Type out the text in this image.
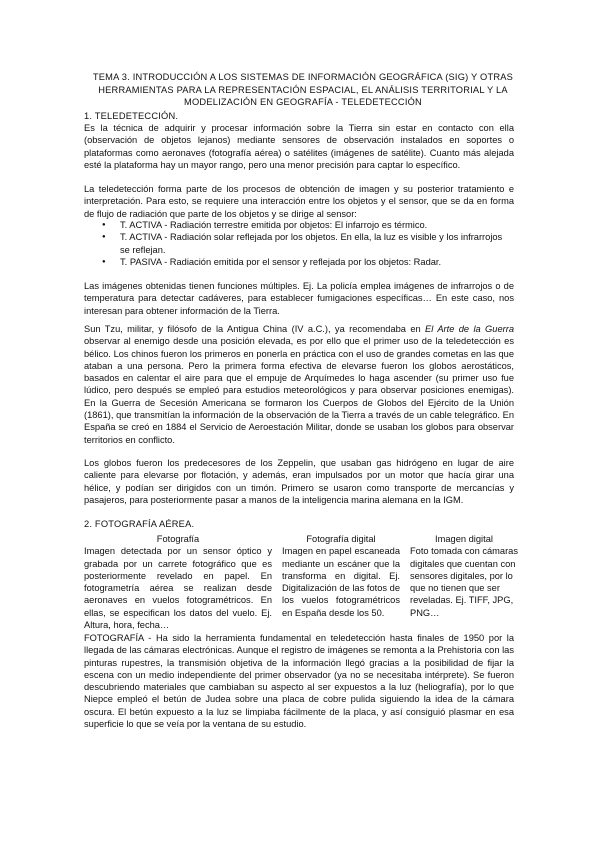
TEMA 3. INTRODUCCIÓN A LOS SISTEMAS DE INFORMACIÓN GEOGRÁFICA (SIG) Y OTRAS HERRAMIENTAS PARA LA REPRESENTACIÓN ESPACIAL, EL ANÁLISIS TERRITORIAL Y LA MODELIZACIÓN EN GEOGRAFÍA - TELEDETECCIÓN
1. TELEDETECCIÓN.
Es la técnica de adquirir y procesar información sobre la Tierra sin estar en contacto con ella (observación de objetos lejanos) mediante sensores de observación instalados en soportes o plataformas como aeronaves (fotografía aérea) o satélites (imágenes de satélite). Cuanto más alejada esté la plataforma hay un mayor rango, pero una menor precisión para captar lo específico.
La teledetección forma parte de los procesos de obtención de imagen y su posterior tratamiento e interpretación. Para esto, se requiere una interacción entre los objetos y el sensor, que se da en forma de flujo de radiación que parte de los objetos y se dirige al sensor:
● T. ACTIVA - Radiación terrestre emitida por objetos: El infarrojo es térmico.
● T. ACTIVA - Radiación solar reflejada por los objetos. En ella, la luz es visible y los infrarrojos se reflejan.
● T. PASIVA - Radiación emitida por el sensor y reflejada por los objetos: Radar.
Las imágenes obtenidas tienen funciones múltiples. Ej. La policía emplea imágenes de infrarrojos o de temperatura para detectar cadáveres, para establecer fumigaciones específicas… En este caso, nos interesan para obtener información de la Tierra.
Sun Tzu, militar, y filósofo de la Antigua China (IV a.C.), ya recomendaba en El Arte de la Guerra observar al enemigo desde una posición elevada, es por ello que el primer uso de la teledetección es bélico. Los chinos fueron los primeros en ponerla en práctica con el uso de grandes cometas en las que ataban a una persona. Pero la primera forma efectiva de elevarse fueron los globos aerostáticos, basados en calentar el aire para que el empuje de Arquímedes lo haga ascender (su primer uso fue lúdico, pero después se empleó para estudios meteorológicos y para observar posiciones enemigas). En la Guerra de Secesión Americana se formaron los Cuerpos de Globos del Ejército de la Unión (1861), que transmitían la información de la observación de la Tierra a través de un cable telegráfico. En España se creó en 1884 el Servicio de Aeroestación Militar, donde se usaban los globos para observar territorios en conflicto.
Los globos fueron los predecesores de los Zeppelin, que usaban gas hidrógeno en lugar de aire caliente para elevarse por flotación, y además, eran impulsados por un motor que hacía girar una hélice, y podían ser dirigidos con un timón. Primero se usaron como transporte de mercancías y pasajeros, para posteriormente pasar a manos de la inteligencia marina alemana en la IGM.
2. FOTOGRAFÍA AÉREA.
Fotografía
Imagen detectada por un sensor óptico y grabada por un carrete fotográfico que es posteriormente revelado en papel. En fotogrametría aérea se realizan desde aeronaves en vuelos fotogramétricos. En ellas, se especifican los datos del vuelo. Ej. Altura, hora, fecha…
Fotografía digital
Imagen en papel escaneada mediante un escáner que la transforma en digital. Ej. Digitalización de las fotos de los vuelos fotogramétricos en España desde los 50.
Imagen digital
Foto tomada con cámaras digitales que cuentan con sensores digitales, por lo que no tienen que ser reveladas. Ej. TIFF, JPG, PNG…
FOTOGRAFÍA - Ha sido la herramienta fundamental en teledetección hasta finales de 1950 por la llegada de las cámaras electrónicas. Aunque el registro de imágenes se remonta a la Prehistoria con las pinturas rupestres, la transmisión objetiva de la información llegó gracias a la posibilidad de fijar la escena con un medio independiente del primer observador (ya no se necesitaba intérprete). Se fueron descubriendo materiales que cambiaban su aspecto al ser expuestos a la luz (heliografía), por lo que Niepce empleó el betún de Judea sobre una placa de cobre pulida siguiendo la idea de la cámara oscura. El betún expuesto a la luz se limpiaba fácilmente de la placa, y así consiguió plasmar en esa superficie lo que se veía por la ventana de su estudio.
